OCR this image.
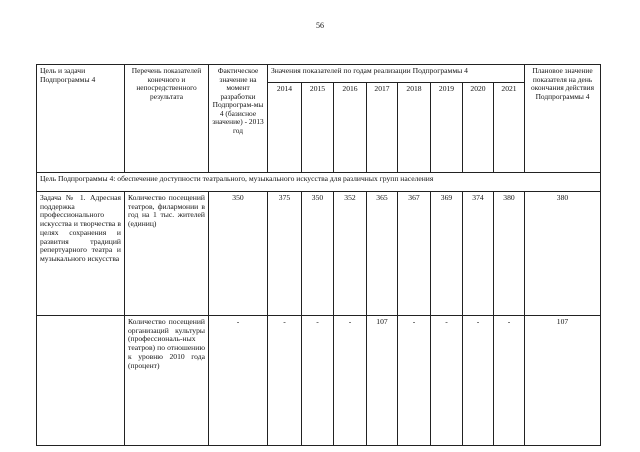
56
Цель и задачи Подпрограммы 4	Перечень показателей конечного и непосредственного результата	Фактическое значение на момент разработки Подпрограм-мы 4 (базисное значение) - 2013 год	Значения показателей по годам реализации Подпрограммы 4								Плановое значение показателя на день окончания действия Подпрограммы 4
			2014	2015	2016	2017	2018	2019	2020	2021	
Цель Подпрограммы 4: обеспечение доступности театрального, музыкального искусства для различных групп населения											
Задача № 1. Адресная поддержка профессионального искусства и творчества в целях сохранения и развития традиций репертуарного театра и музыкального искусства	Количество посещений театров, филармонии в год на 1 тыс. жителей (единиц)	350	375	350	352	365	367	369	374	380	380
	Количество посещений организаций культуры (профессиональ-ных театров) по отношению к уровню 2010 года (процент)	-	-	-	-	107	-	-	-	-	107
